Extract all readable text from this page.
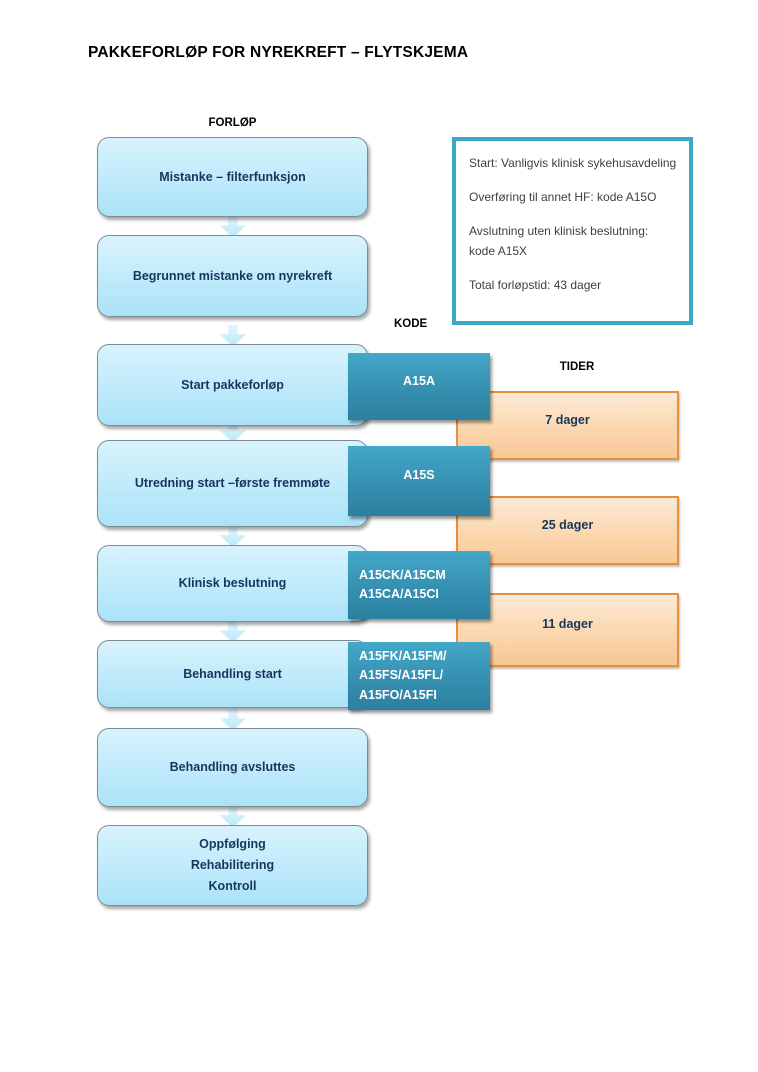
PAKKEFORLØP FOR NYREKREFT – FLYTSKJEMA
FORLØP
KODE
TIDER
Mistanke – filterfunksjon
Begrunnet mistanke om nyrekreft
Start pakkeforløp
Utredning start –første fremmøte
Klinisk beslutning
Behandling start
Behandling avsluttes
Oppfølging
Rehabilitering
Kontroll
A15A
A15S
A15CK/A15CM
A15CA/A15CI
A15FK/A15FM/
A15FS/A15FL/
A15FO/A15FI
7 dager
25 dager
11 dager
Start: Vanligvis klinisk sykehusavdeling
Overføring til annet HF: kode A15O
Avslutning uten klinisk beslutning: kode A15X
Total forløpstid: 43 dager
